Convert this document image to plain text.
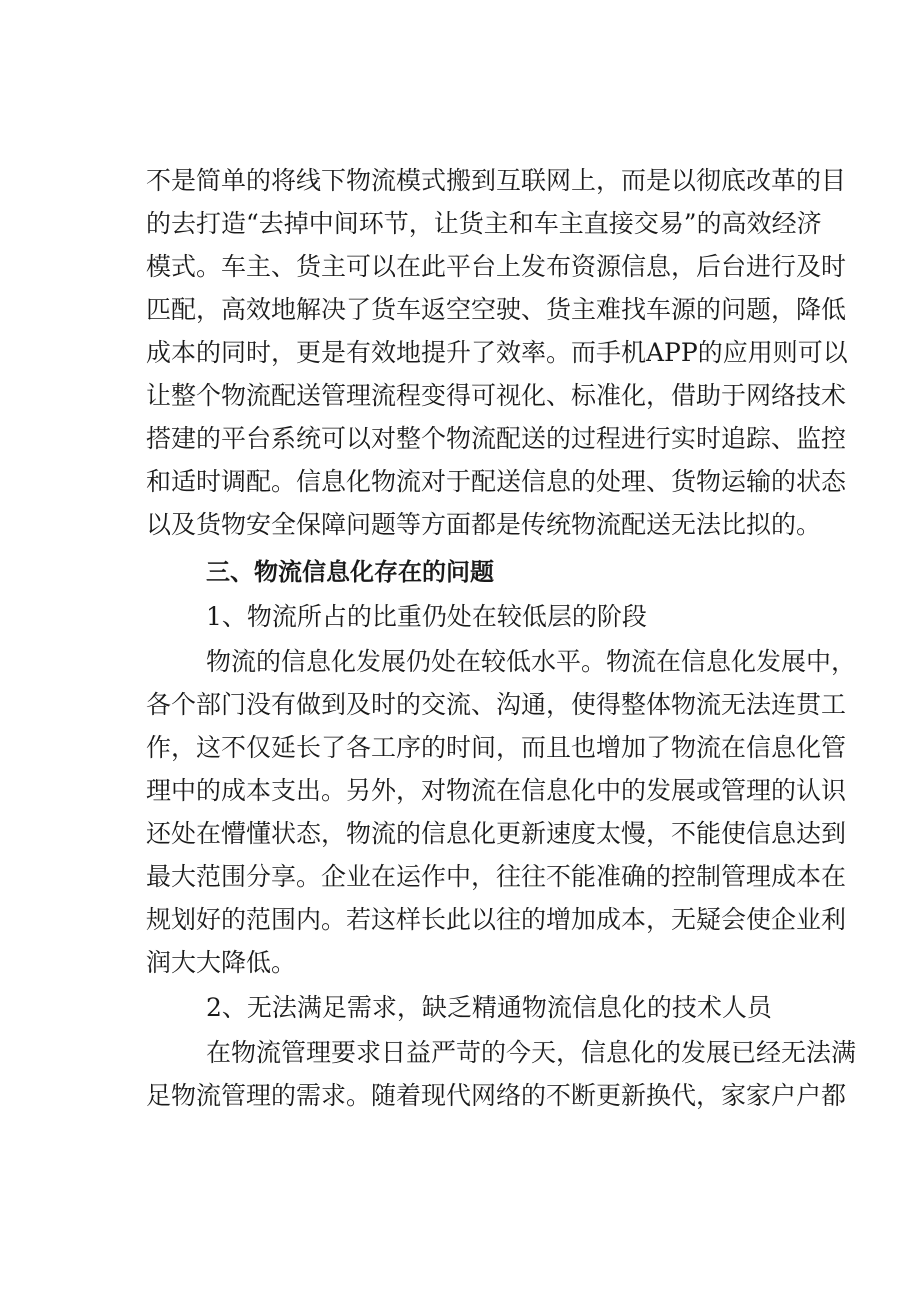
不是简单的将线下物流模式搬到互联网上，而是以彻底改革的目

的去打造“去掉中间环节，让货主和车主直接交易”的高效经济

模式。车主、货主可以在此平台上发布资源信息，后台进行及时

匹配，高效地解决了货车返空空驶、货主难找车源的问题，降低

成本的同时，更是有效地提升了效率。而手机APP的应用则可以

让整个物流配送管理流程变得可视化、标准化，借助于网络技术

搭建的平台系统可以对整个物流配送的过程进行实时追踪、监控

和适时调配。信息化物流对于配送信息的处理、货物运输的状态

以及货物安全保障问题等方面都是传统物流配送无法比拟的。

三、物流信息化存在的问题

1、物流所占的比重仍处在较低层的阶段

物流的信息化发展仍处在较低水平。物流在信息化发展中，

各个部门没有做到及时的交流、沟通，使得整体物流无法连贯工

作，这不仅延长了各工序的时间，而且也增加了物流在信息化管

理中的成本支出。另外，对物流在信息化中的发展或管理的认识

还处在懵懂状态，物流的信息化更新速度太慢，不能使信息达到

最大范围分享。企业在运作中，往往不能准确的控制管理成本在

规划好的范围内。若这样长此以往的增加成本，无疑会使企业利

润大大降低。

2、无法满足需求，缺乏精通物流信息化的技术人员

在物流管理要求日益严苛的今天，信息化的发展已经无法满

足物流管理的需求。随着现代网络的不断更新换代，家家户户都
